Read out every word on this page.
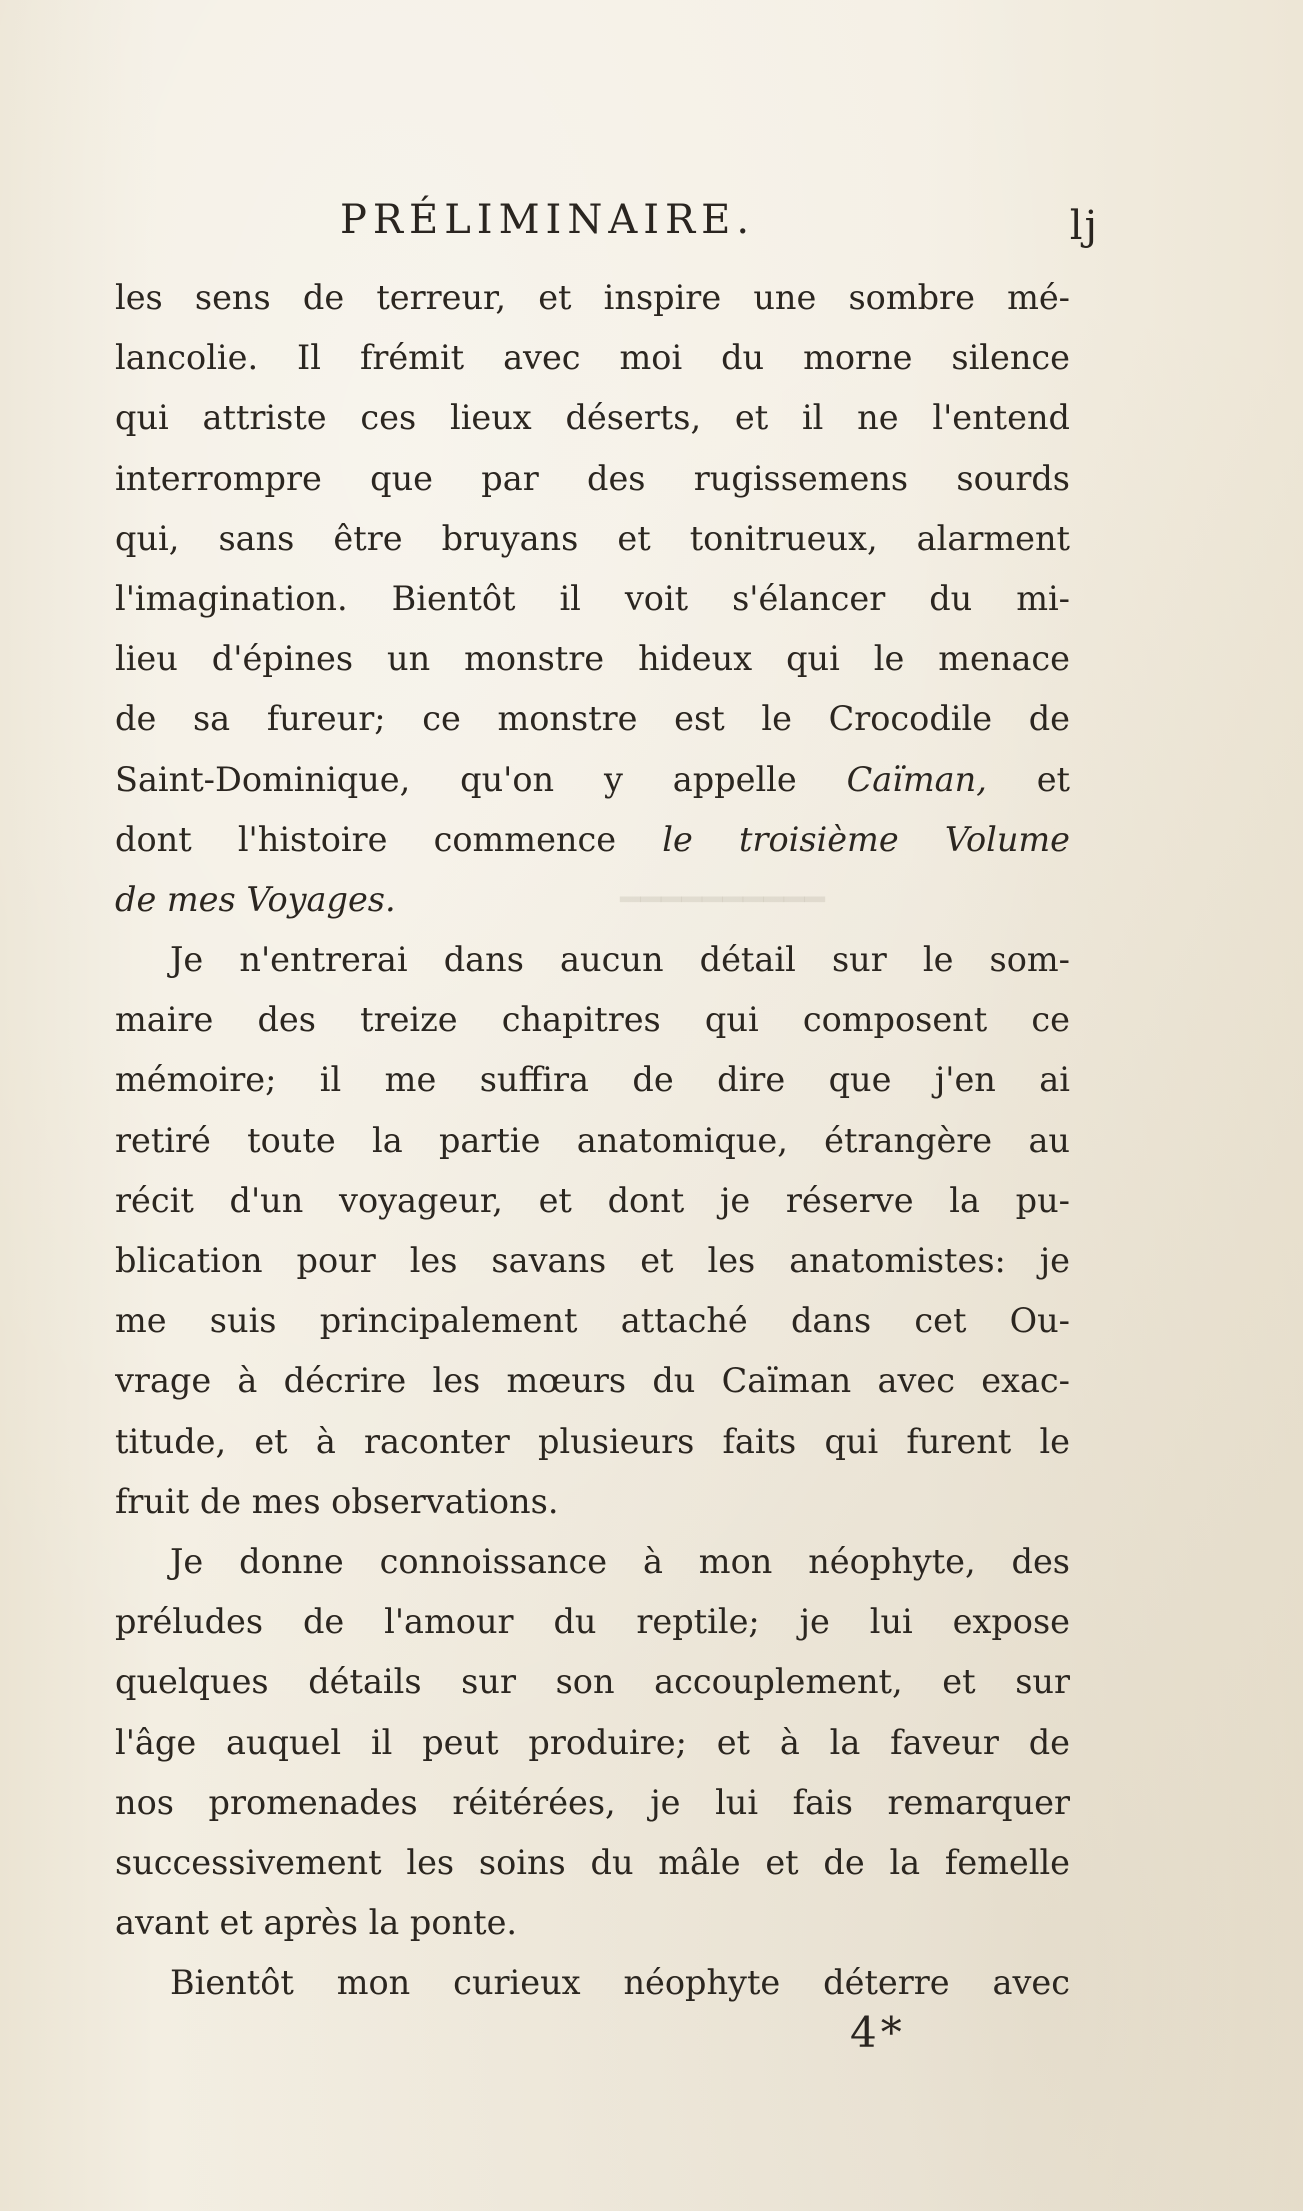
━━━━━━━━━━
PRÉLIMINAIRE.	lj
les sens de terreur, et inspire une sombre mé-
lancolie. Il frémit avec moi du morne silence
qui attriste ces lieux déserts, et il ne l'entend
interrompre que par des rugissemens sourds
qui, sans être bruyans et tonitrueux, alarment
l'imagination. Bientôt il voit s'élancer du mi-
lieu d'épines un monstre hideux qui le menace
de sa fureur; ce monstre est le Crocodile de
Saint-Dominique, qu'on y appelle Caïman, et
dont l'histoire commence le troisième Volume
de mes Voyages.
Je n'entrerai dans aucun détail sur le som-
maire des treize chapitres qui composent ce
mémoire; il me suffira de dire que j'en ai
retiré toute la partie anatomique, étrangère au
récit d'un voyageur, et dont je réserve la pu-
blication pour les savans et les anatomistes: je
me suis principalement attaché dans cet Ou-
vrage à décrire les mœurs du Caïman avec exac-
titude, et à raconter plusieurs faits qui furent le
fruit de mes observations.
Je donne connoissance à mon néophyte, des
préludes de l'amour du reptile; je lui expose
quelques détails sur son accouplement, et sur
l'âge auquel il peut produire; et à la faveur de
nos promenades réitérées, je lui fais remarquer
successivement les soins du mâle et de la femelle
avant et après la ponte.
Bientôt mon curieux néophyte déterre avec
4*
